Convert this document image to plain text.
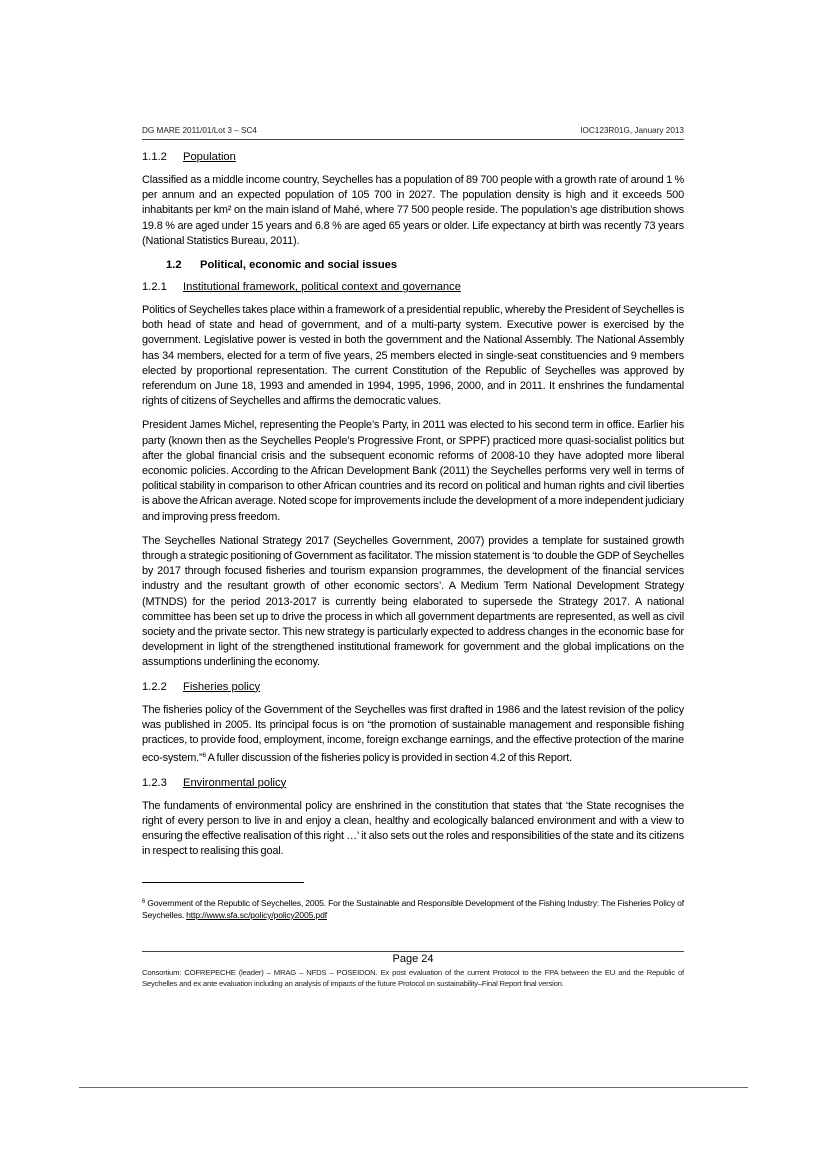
DG MARE 2011/01/Lot 3 – SC4	IOC123R01G, January 2013
1.1.2 Population

Classified as a middle income country, Seychelles has a population of 89 700 people with a growth rate of around 1 % per annum and an expected population of 105 700 in 2027. The population density is high and it exceeds 500 inhabitants per km² on the main island of Mahé, where 77 500 people reside. The population’s age distribution shows 19.8 % are aged under 15 years and 6.8 % are aged 65 years or older. Life expectancy at birth was recently 73 years (National Statistics Bureau, 2011).

1.2 Political, economic and social issues
1.2.1 Institutional framework, political context and governance

Politics of Seychelles takes place within a framework of a presidential republic, whereby the President of Seychelles is both head of state and head of government, and of a multi-party system. Executive power is exercised by the government. Legislative power is vested in both the government and the National Assembly. The National Assembly has 34 members, elected for a term of five years, 25 members elected in single-seat constituencies and 9 members elected by proportional representation. The current Constitution of the Republic of Seychelles was approved by referendum on June 18, 1993 and amended in 1994, 1995, 1996, 2000, and in 2011. It enshrines the fundamental rights of citizens of Seychelles and affirms the democratic values.

President James Michel, representing the People’s Party, in 2011 was elected to his second term in office. Earlier his party (known then as the Seychelles People’s Progressive Front, or SPPF) practiced more quasi-socialist politics but after the global financial crisis and the subsequent economic reforms of 2008-10 they have adopted more liberal economic policies. According to the African Development Bank (2011) the Seychelles performs very well in terms of political stability in comparison to other African countries and its record on political and human rights and civil liberties is above the African average. Noted scope for improvements include the development of a more independent judiciary and improving press freedom.

The Seychelles National Strategy 2017 (Seychelles Government, 2007) provides a template for sustained growth through a strategic positioning of Government as facilitator. The mission statement is ‘to double the GDP of Seychelles by 2017 through focused fisheries and tourism expansion programmes, the development of the financial services industry and the resultant growth of other economic sectors’. A Medium Term National Development Strategy (MTNDS) for the period 2013-2017 is currently being elaborated to supersede the Strategy 2017. A national committee has been set up to drive the process in which all government departments are represented, as well as civil society and the private sector. This new strategy is particularly expected to address changes in the economic base for development in light of the strengthened institutional framework for government and the global implications on the assumptions underlining the economy.

1.2.2 Fisheries policy

The fisheries policy of the Government of the Seychelles was first drafted in 1986 and the latest revision of the policy was published in 2005. Its principal focus is on “the promotion of sustainable management and responsible fishing practices, to provide food, employment, income, foreign exchange earnings, and the effective protection of the marine eco-system.”$^6$ A fuller discussion of the fisheries policy is provided in section 4.2 of this Report.

1.2.3 Environmental policy

The fundaments of environmental policy are enshrined in the constitution that states that ‘the State recognises the right of every person to live in and enjoy a clean, healthy and ecologically balanced environment and with a view to ensuring the effective realisation of this right …’ it also sets out the roles and responsibilities of the state and its citizens in respect to realising this goal.

$^6$ Government of the Republic of Seychelles, 2005. For the Sustainable and Responsible Development of the Fishing Industry: The Fisheries Policy of Seychelles. http://www.sfa.sc/policy/policy2005.pdf
Page 24
Consortium: COFREPECHE (leader) – MRAG – NFDS – POSEIDON. Ex post evaluation of the current Protocol to the FPA between the EU and the Republic of Seychelles and ex ante evaluation including an analysis of impacts of the future Protocol on sustainability–Final Report final version.
